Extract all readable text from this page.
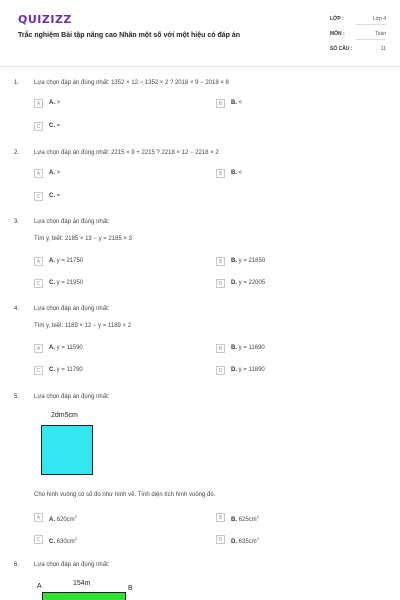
QUIZIZZ
Trắc nghiệm Bài tập nâng cao Nhân một số với một hiệu có đáp án
LỚP :	Lớp 4
MÔN :	Toán
SỐ CÂU :	11
1. Lựa chọn đáp án đúng nhất: 1352 × 12 − 1352 × 2 ? 2018 × 9 − 2018 × 8
A	A. >	B	B. <
C	C. =
2. Lựa chọn đáp án đúng nhất: 2215 × 9 + 2215 ? 2218 × 12 − 2218 × 2
A	A. >	B	B. <
C	C. =
3. Lựa chọn đáp án đúng nhất:
Tìm y, biết: 2185 × 13 − y = 2185 × 3
A	A. y = 21750	B	B. y = 21850
C	C. y = 21950	D	D. y = 22005
4. Lựa chọn đáp án đúng nhất:
Tìm y, biết: 1189 × 12 − y = 1189 × 2
A	A. y = 11590	B	B. y = 11690
C	C. y = 11790	D	D. y = 11890
5. Lựa chọn đáp án đúng nhất:
2dm5cm
Cho hình vuông có số đo như hình vẽ. Tính diện tích hình vuông đó.
A	A. $620cm^2$	B	B. $625cm^2$
C	C. $630cm^2$	D	D. $635cm^2$
6. Lựa chọn đáp án đúng nhất:
A	154m
B
